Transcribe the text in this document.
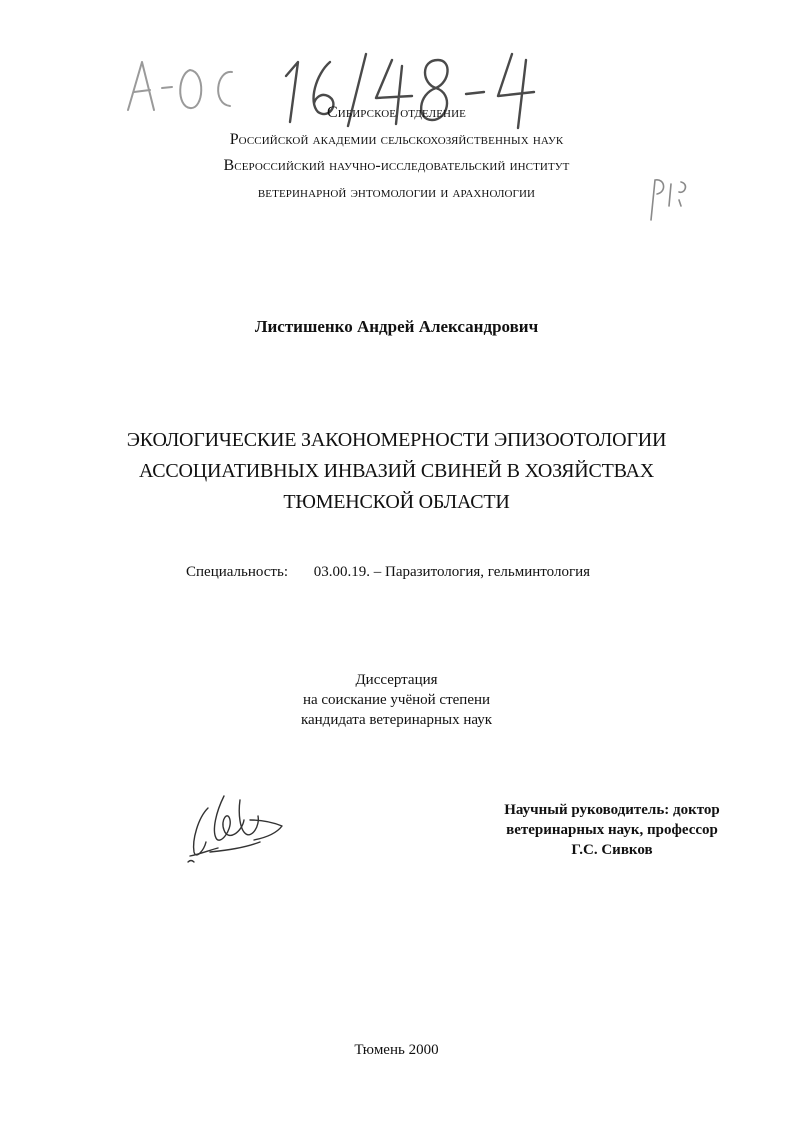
Сибирское отделение
Российской академии сельскохозяйственных наук
Всероссийский научно-исследовательский институт
ветеринарной энтомологии и арахнологии
Листишенко Андрей Александрович
ЭКОЛОГИЧЕСКИЕ ЗАКОНОМЕРНОСТИ ЭПИЗООТОЛОГИИ
АССОЦИАТИВНЫХ ИНВАЗИЙ СВИНЕЙ В ХОЗЯЙСТВАХ
ТЮМЕНСКОЙ ОБЛАСТИ
Специальность: 03.00.19. – Паразитология, гельминтология
Диссертация
на соискание учёной степени
кандидата ветеринарных наук
Научный руководитель: доктор
ветеринарных наук, профессор
Г.С. Сивков
Тюмень 2000
